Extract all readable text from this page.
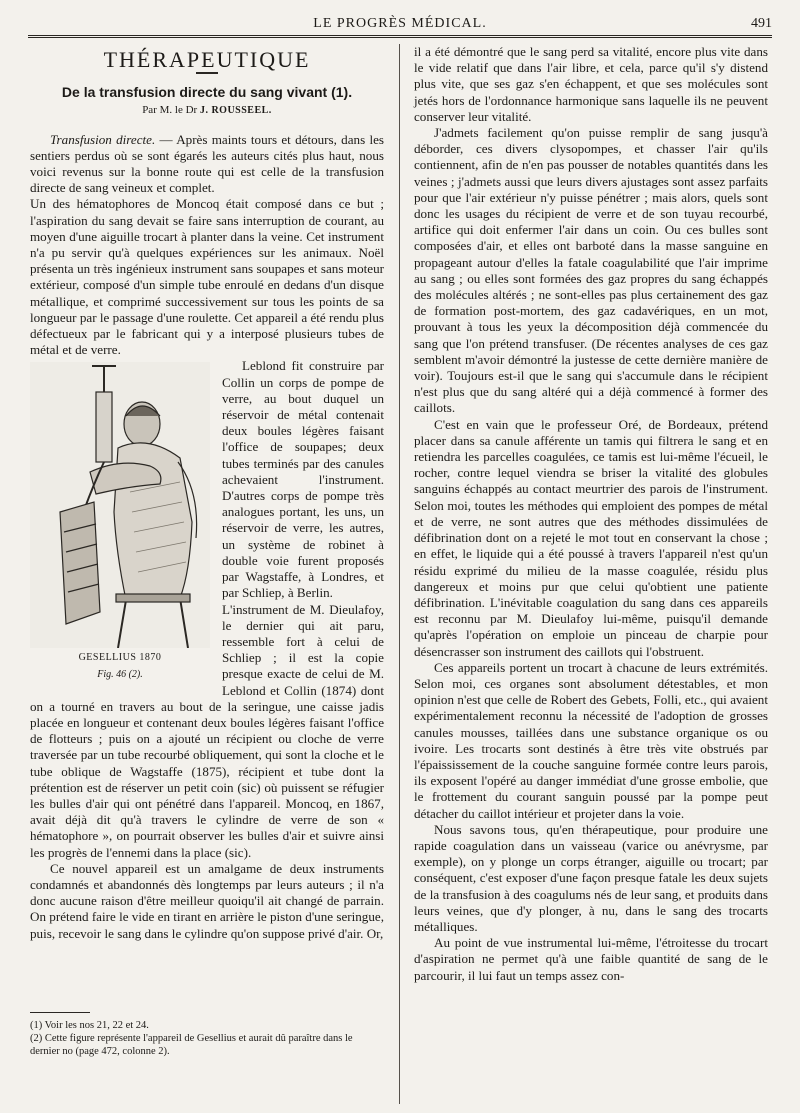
LE PROGRÈS MÉDICAL.	491
THÉRAPEUTIQUE
De la transfusion directe du sang vivant (1).
Par M. le Dr J. ROUSSEEL.

Transfusion directe. — Après maints tours et détours, dans les sentiers perdus où se sont égarés les auteurs cités plus haut, nous voici revenus sur la bonne route qui est celle de la transfusion directe de sang veineux et complet.

Un des hématophores de Moncoq était composé dans ce but ; l'aspiration du sang devait se faire sans interruption de courant, au moyen d'une aiguille trocart à planter dans la veine. Cet instrument n'a pu servir qu'à quelques expériences sur les animaux. Noël présenta un très ingénieux instrument sans soupapes et sans moteur extérieur, composé d'un simple tube enroulé en dedans d'un disque métallique, et comprimé successivement sur tous les points de sa longueur par le passage d'une roulette. Cet appareil a été rendu plus défectueux par le fabricant qui y a interposé plusieurs tubes de métal et de verre.

GESELLIUS 1870
Fig. 46 (2).

Leblond fit construire par Collin un corps de pompe de verre, au bout duquel un réservoir de métal contenait deux boules légères faisant l'office de soupapes; deux tubes terminés par des canules achevaient l'instrument. D'autres corps de pompe très analogues portant, les uns, un réservoir de verre, les autres, un système de robinet à double voie furent proposés par Wagstaffe, à Londres, et par Schliep, à Berlin.

L'instrument de M. Dieulafoy, le dernier qui ait paru, ressemble fort à celui de Schliep ; il est la copie presque exacte de celui de M. Leblond et Collin (1874) dont on a tourné en travers au bout de la seringue, une caisse jadis placée en longueur et contenant deux boules légères faisant l'office de flotteurs ; puis on a ajouté un récipient ou cloche de verre traversée par un tube recourbé obliquement, qui sont la cloche et le tube oblique de Wagstaffe (1875), récipient et tube dont la prétention est de réserver un petit coin (sic) où puissent se réfugier les bulles d'air qui ont pénétré dans l'appareil. Moncoq, en 1867, avait déjà dit qu'à travers le cylindre de verre de son « hématophore », on pourrait observer les bulles d'air et suivre ainsi les progrès de l'ennemi dans la place (sic).

Ce nouvel appareil est un amalgame de deux instruments condamnés et abandonnés dès longtemps par leurs auteurs ; il n'a donc aucune raison d'être meilleur quoiqu'il ait changé de parrain. On prétend faire le vide en tirant en arrière le piston d'une seringue, puis, recevoir le sang dans le cylindre qu'on suppose privé d'air. Or,

(1) Voir les nos 21, 22 et 24.

(2) Cette figure représente l'appareil de Gesellius et aurait dû paraître dans le dernier no (page 472, colonne 2).

il a été démontré que le sang perd sa vitalité, encore plus vite dans le vide relatif que dans l'air libre, et cela, parce qu'il s'y distend plus vite, que ses gaz s'en échappent, et que ses molécules sont jetés hors de l'ordonnance harmonique sans laquelle ils ne peuvent conserver leur vitalité.

J'admets facilement qu'on puisse remplir de sang jusqu'à déborder, ces divers clysopompes, et chasser l'air qu'ils contiennent, afin de n'en pas pousser de notables quantités dans les veines ; j'admets aussi que leurs divers ajustages sont assez parfaits pour que l'air extérieur n'y puisse pénétrer ; mais alors, quels sont donc les usages du récipient de verre et de son tuyau recourbé, artifice qui doit enfermer l'air dans un coin. Ou ces bulles sont composées d'air, et elles ont barboté dans la masse sanguine en propageant autour d'elles la fatale coagulabilité que l'air imprime au sang ; ou elles sont formées des gaz propres du sang échappés des molécules altérés ; ne sont-elles pas plus certainement des gaz de formation post-mortem, des gaz cadavériques, en un mot, prouvant à tous les yeux la décomposition déjà commencée du sang que l'on prétend transfuser. (De récentes analyses de ces gaz semblent m'avoir démontré la justesse de cette dernière manière de voir). Toujours est-il que le sang qui s'accumule dans le récipient n'est plus que du sang altéré qui a déjà commencé à former des caillots.

C'est en vain que le professeur Oré, de Bordeaux, prétend placer dans sa canule afférente un tamis qui filtrera le sang et en retiendra les parcelles coagulées, ce tamis est lui-même l'écueil, le rocher, contre lequel viendra se briser la vitalité des globules sanguins échappés au contact meurtrier des parois de l'instrument. Selon moi, toutes les méthodes qui emploient des pompes de métal et de verre, ne sont autres que des méthodes dissimulées de défibrination dont on a rejeté le mot tout en conservant la chose ; en effet, le liquide qui a été poussé à travers l'appareil n'est qu'un résidu exprimé du milieu de la masse coagulée, résidu plus dangereux et moins pur que celui qu'obtient une patiente défibrination. L'inévitable coagulation du sang dans ces appareils est reconnu par M. Dieulafoy lui-même, puisqu'il demande qu'après l'opération on emploie un pinceau de charpie pour désencrasser son instrument des caillots qui l'obstruent.

Ces appareils portent un trocart à chacune de leurs extrémités. Selon moi, ces organes sont absolument détestables, et mon opinion n'est que celle de Robert des Gebets, Folli, etc., qui avaient expérimentalement reconnu la nécessité de l'adoption de grosses canules mousses, taillées dans une substance organique os ou ivoire. Les trocarts sont destinés à être très vite obstrués par l'épaississement de la couche sanguine formée contre leurs parois, ils exposent l'opéré au danger immédiat d'une grosse embolie, que le frottement du courant sanguin poussé par la pompe peut détacher du caillot intérieur et projeter dans la voie.

Nous savons tous, qu'en thérapeutique, pour produire une rapide coagulation dans un vaisseau (varice ou anévrysme, par exemple), on y plonge un corps étranger, aiguille ou trocart; par conséquent, c'est exposer d'une façon presque fatale les deux sujets de la transfusion à des coagulums nés de leur sang, et produits dans leurs veines, que d'y plonger, à nu, dans le sang des trocarts métalliques.

Au point de vue instrumental lui-même, l'étroitesse du trocart d'aspiration ne permet qu'à une faible quantité de sang de le parcourir, il lui faut un temps assez con-
